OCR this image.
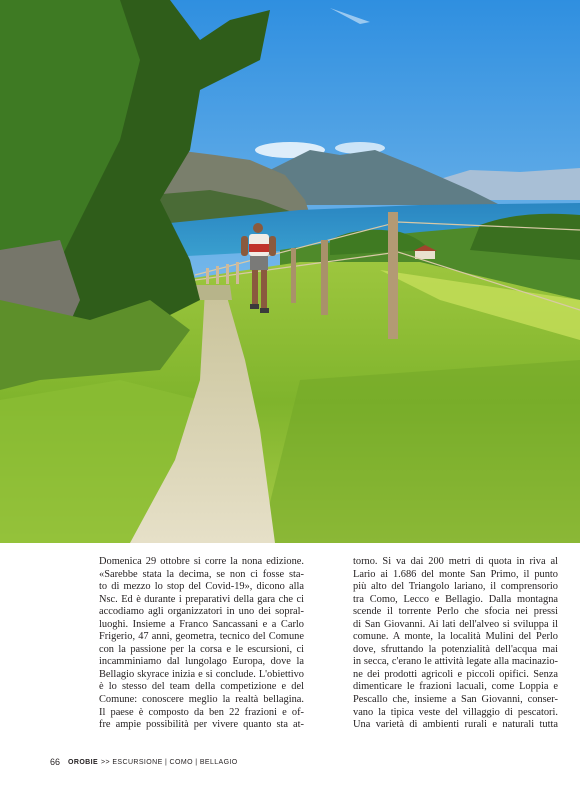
Domenica 29 ottobre si corre la nona edizione.

«Sarebbe stata la decima, se non ci fosse sta-

to di mezzo lo stop del Covid-19», dicono alla

Nsc. Ed è durante i preparativi della gara che ci

accodiamo agli organizzatori in uno dei sopral-

luoghi. Insieme a Franco Sancassani e a Carlo

Frigerio, 47 anni, geometra, tecnico del Comune

con la passione per la corsa e le escursioni, ci

incamminiamo dal lungolago Europa, dove la

Bellagio skyrace inizia e si conclude. L'obiettivo

è lo stesso del team della competizione e del

Comune: conoscere meglio la realtà bellagina.

Il paese è composto da ben 22 frazioni e of-

fre ampie possibilità per vivere quanto sta at-

torno. Si va dai 200 metri di quota in riva al

Lario ai 1.686 del monte San Primo, il punto

più alto del Triangolo lariano, il comprensorio

tra Como, Lecco e Bellagio. Dalla montagna

scende il torrente Perlo che sfocia nei pressi

di San Giovanni. Ai lati dell'alveo si sviluppa il

comune. A monte, la località Mulini del Perlo

dove, sfruttando la potenzialità dell'acqua mai

in secca, c'erano le attività legate alla macinazio-

ne dei prodotti agricoli e piccoli opifici. Senza

dimenticare le frazioni lacuali, come Loppia e

Pescallo che, insieme a San Giovanni, conser-

vano la tipica veste del villaggio di pescatori.

Una varietà di ambienti rurali e naturali tutta

66 OROBIE >> ESCURSIONE | COMO | BELLAGIO
